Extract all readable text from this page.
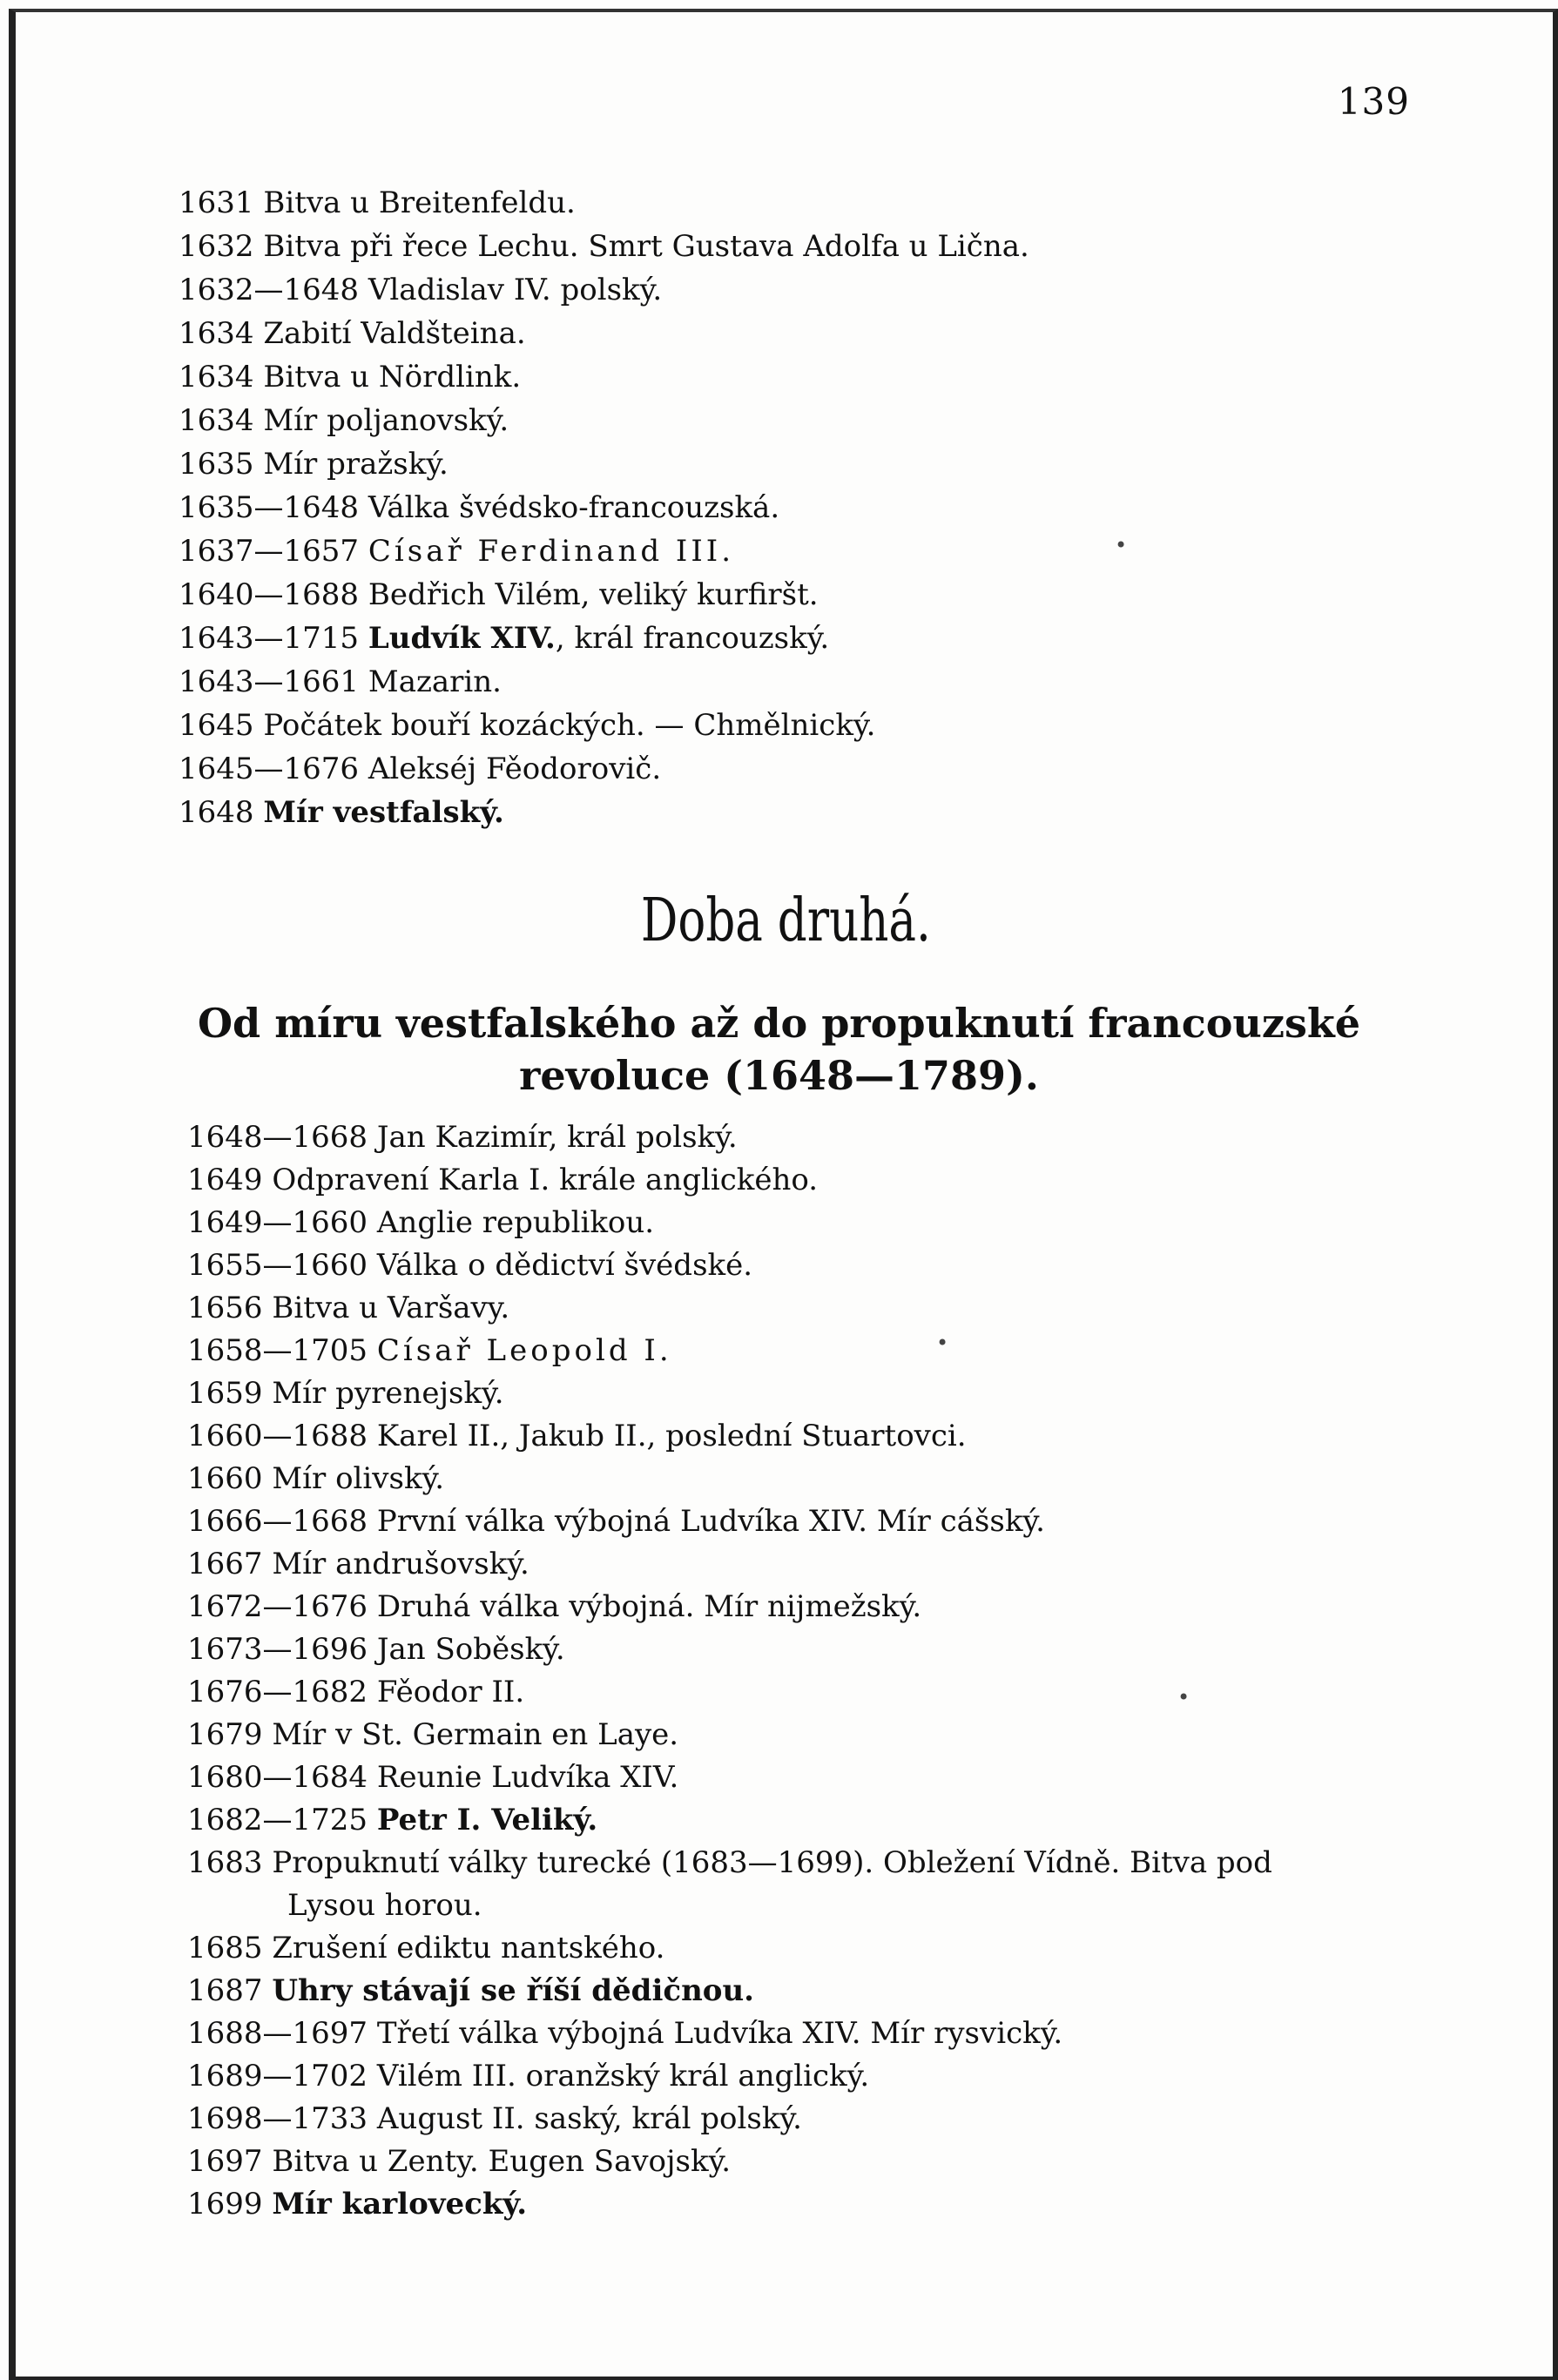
139
1631 Bitva u Breitenfeldu.
1632 Bitva při řece Lechu. Smrt Gustava Adolfa u Lična.
1632—1648 Vladislav IV. polský.
1634 Zabití Valdšteina.
1634 Bitva u Nördlink.
1634 Mír poljanovský.
1635 Mír pražský.
1635—1648 Válka švédsko-francouzská.
1637—1657 Císař Ferdinand III.
1640—1688 Bedřich Vilém, veliký kurfiršt.
1643—1715 Ludvík XIV., král francouzský.
1643—1661 Mazarin.
1645 Počátek bouří kozáckých. — Chmělnický.
1645—1676 Alekséj Fěodorovič.
1648 Mír vestfalský.
Doba druhá.
Od míru vestfalského až do propuknutí francouzské
revoluce (1648—1789).
1648—1668 Jan Kazimír, král polský.
1649 Odpravení Karla I. krále anglického.
1649—1660 Anglie republikou.
1655—1660 Válka o dědictví švédské.
1656 Bitva u Varšavy.
1658—1705 Císař Leopold I.
1659 Mír pyrenejský.
1660—1688 Karel II., Jakub II., poslední Stuartovci.
1660 Mír olivský.
1666—1668 První válka výbojná Ludvíka XIV. Mír cášský.
1667 Mír andrušovský.
1672—1676 Druhá válka výbojná. Mír nijmežský.
1673—1696 Jan Soběský.
1676—1682 Fěodor II.
1679 Mír v St. Germain en Laye.
1680—1684 Reunie Ludvíka XIV.
1682—1725 Petr I. Veliký.
1683 Propuknutí války turecké (1683—1699). Obležení Vídně. Bitva pod
Lysou horou.
1685 Zrušení ediktu nantského.
1687 Uhry stávají se říší dědičnou.
1688—1697 Třetí válka výbojná Ludvíka XIV. Mír rysvický.
1689—1702 Vilém III. oranžský král anglický.
1698—1733 August II. saský, král polský.
1697 Bitva u Zenty. Eugen Savojský.
1699 Mír karlovecký.
•
•
•
